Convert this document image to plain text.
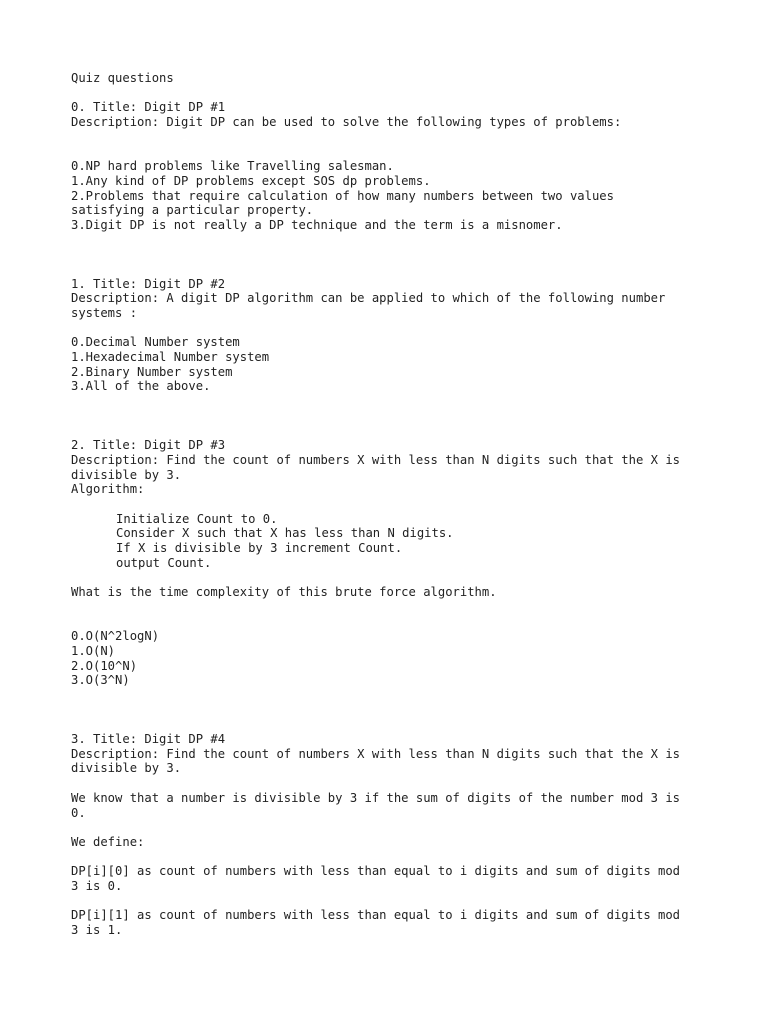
Quiz questions
0. Title: Digit DP #1
Description: Digit DP can be used to solve the following types of problems:
0.NP hard problems like Travelling salesman.
1.Any kind of DP problems except SOS dp problems.
2.Problems that require calculation of how many numbers between two values
satisfying a particular property.
3.Digit DP is not really a DP technique and the term is a misnomer.
1. Title: Digit DP #2
Description: A digit DP algorithm can be applied to which of the following number
systems :
0.Decimal Number system
1.Hexadecimal Number system
2.Binary Number system
3.All of the above.
2. Title: Digit DP #3
Description: Find the count of numbers X with less than N digits such that the X is
divisible by 3.
Algorithm:
Initialize Count to 0.
Consider X such that X has less than N digits.
If X is divisible by 3 increment Count.
output Count.
What is the time complexity of this brute force algorithm.
0.O(N^2logN)
1.O(N)
2.O(10^N)
3.O(3^N)
3. Title: Digit DP #4
Description: Find the count of numbers X with less than N digits such that the X is
divisible by 3.
We know that a number is divisible by 3 if the sum of digits of the number mod 3 is
0.
We define:
DP[i][0] as count of numbers with less than equal to i digits and sum of digits mod
3 is 0.
DP[i][1] as count of numbers with less than equal to i digits and sum of digits mod
3 is 1.
